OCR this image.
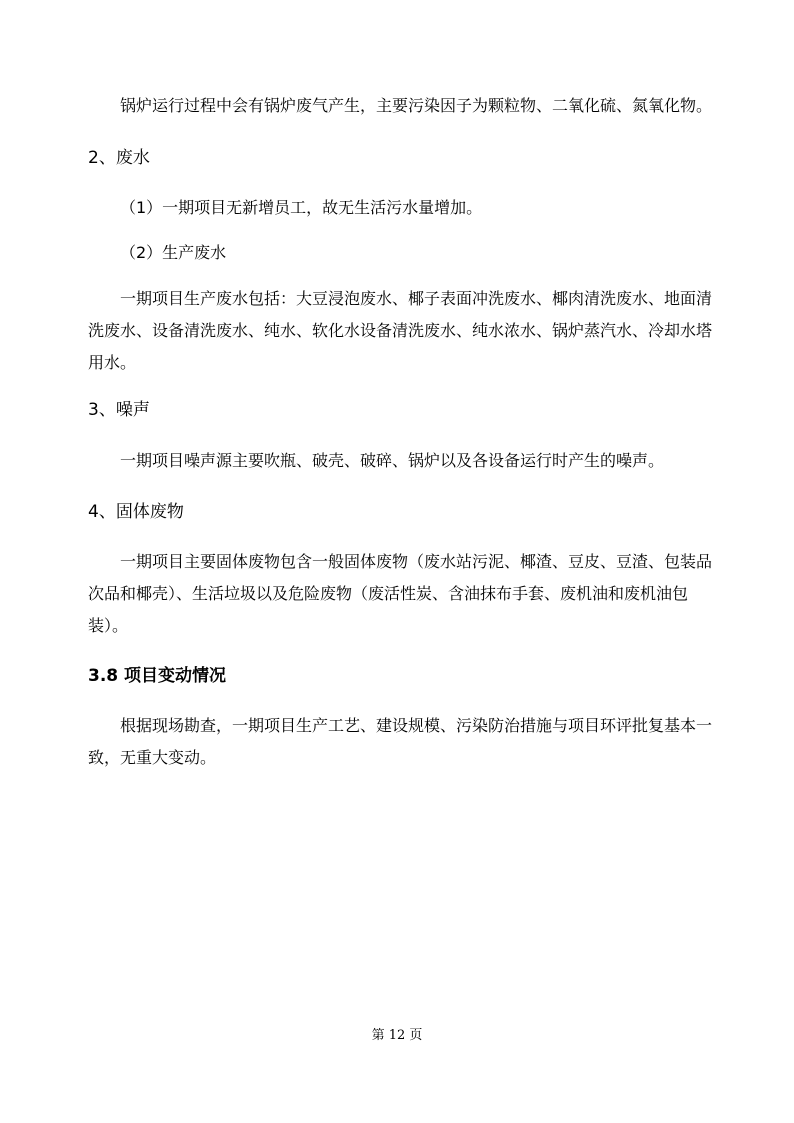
锅炉运行过程中会有锅炉废气产生，主要污染因子为颗粒物、二氧化硫、氮氧化物。

2、废水

（1）一期项目无新增员工，故无生活污水量增加。

（2）生产废水

一期项目生产废水包括：大豆浸泡废水、椰子表面冲洗废水、椰肉清洗废水、地面清洗废水、设备清洗废水、纯水、软化水设备清洗废水、纯水浓水、锅炉蒸汽水、冷却水塔用水。

3、噪声

一期项目噪声源主要吹瓶、破壳、破碎、锅炉以及各设备运行时产生的噪声。

4、固体废物

一期项目主要固体废物包含一般固体废物（废水站污泥、椰渣、豆皮、豆渣、包装品次品和椰壳）、生活垃圾以及危险废物（废活性炭、含油抹布手套、废机油和废机油包装）。

3.8 项目变动情况

根据现场勘查，一期项目生产工艺、建设规模、污染防治措施与项目环评批复基本一致，无重大变动。

第 12 页
